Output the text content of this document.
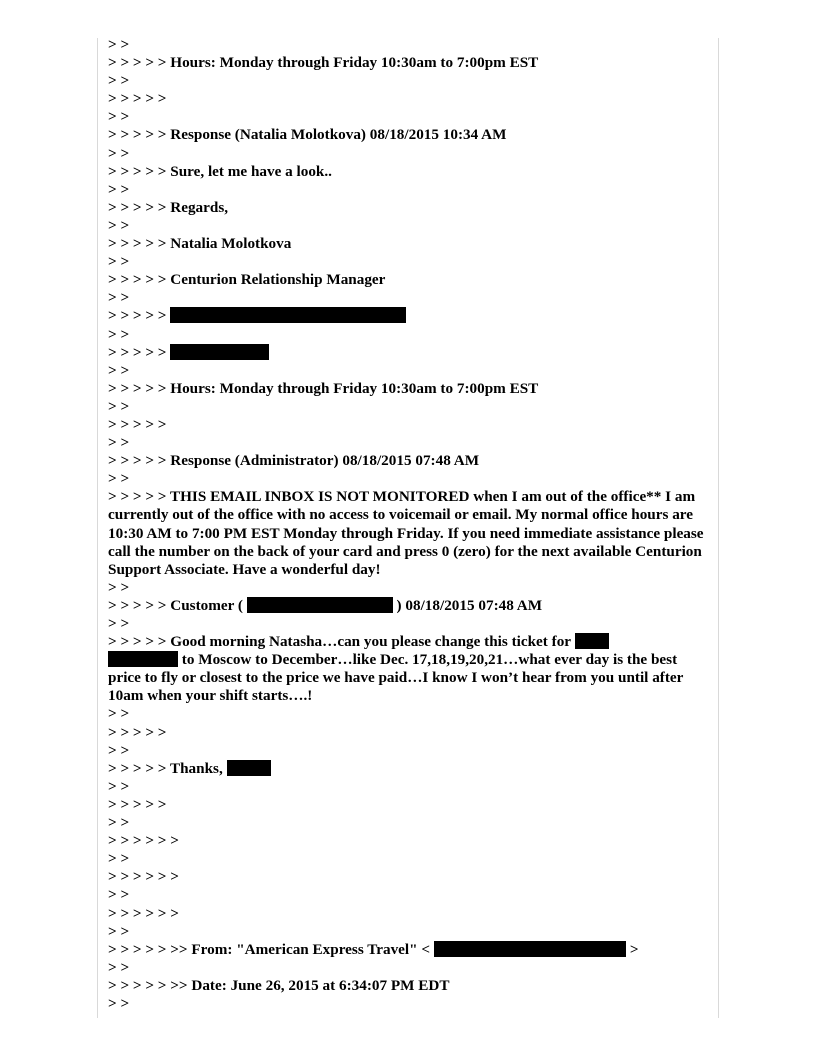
> >
> > > > > Hours: Monday through Friday 10:30am to 7:00pm EST
> >
> > > > >
> >
> > > > > Response (Natalia Molotkova) 08/18/2015 10:34 AM
> >
> > > > > Sure, let me have a look..
> >
> > > > > Regards,
> >
> > > > > Natalia Molotkova
> >
> > > > > Centurion Relationship Manager
> >
> > > > >
> >
> > > > >
> >
> > > > > Hours: Monday through Friday 10:30am to 7:00pm EST
> >
> > > > >
> >
> > > > > Response (Administrator) 08/18/2015 07:48 AM
> >
> > > > > THIS EMAIL INBOX IS NOT MONITORED when I am out of the office** I am currently out of the office with no access to voicemail or email. My normal office hours are 10:30 AM to 7:00 PM EST Monday through Friday. If you need immediate assistance please call the number on the back of your card and press 0 (zero) for the next available Centurion Support Associate. Have a wonderful day!
> >
> > > > > Customer (	) 08/18/2015 07:48 AM
> >
> > > > > Good morning Natasha…can you please change this ticket for
to Moscow to December…like Dec. 17,18,19,20,21…what ever day is the best price to fly or closest to the price we have paid…I know I won’t hear from you until after 10am when your shift starts….!
> >
> > > > >
> >
> > > > > Thanks,
> >
> > > > >
> >
> > > > > >
> >
> > > > > >
> >
> > > > > >
> >
> > > > > >> From: "American Express Travel" <	>
> >
> > > > > >> Date: June 26, 2015 at 6:34:07 PM EDT
> >
